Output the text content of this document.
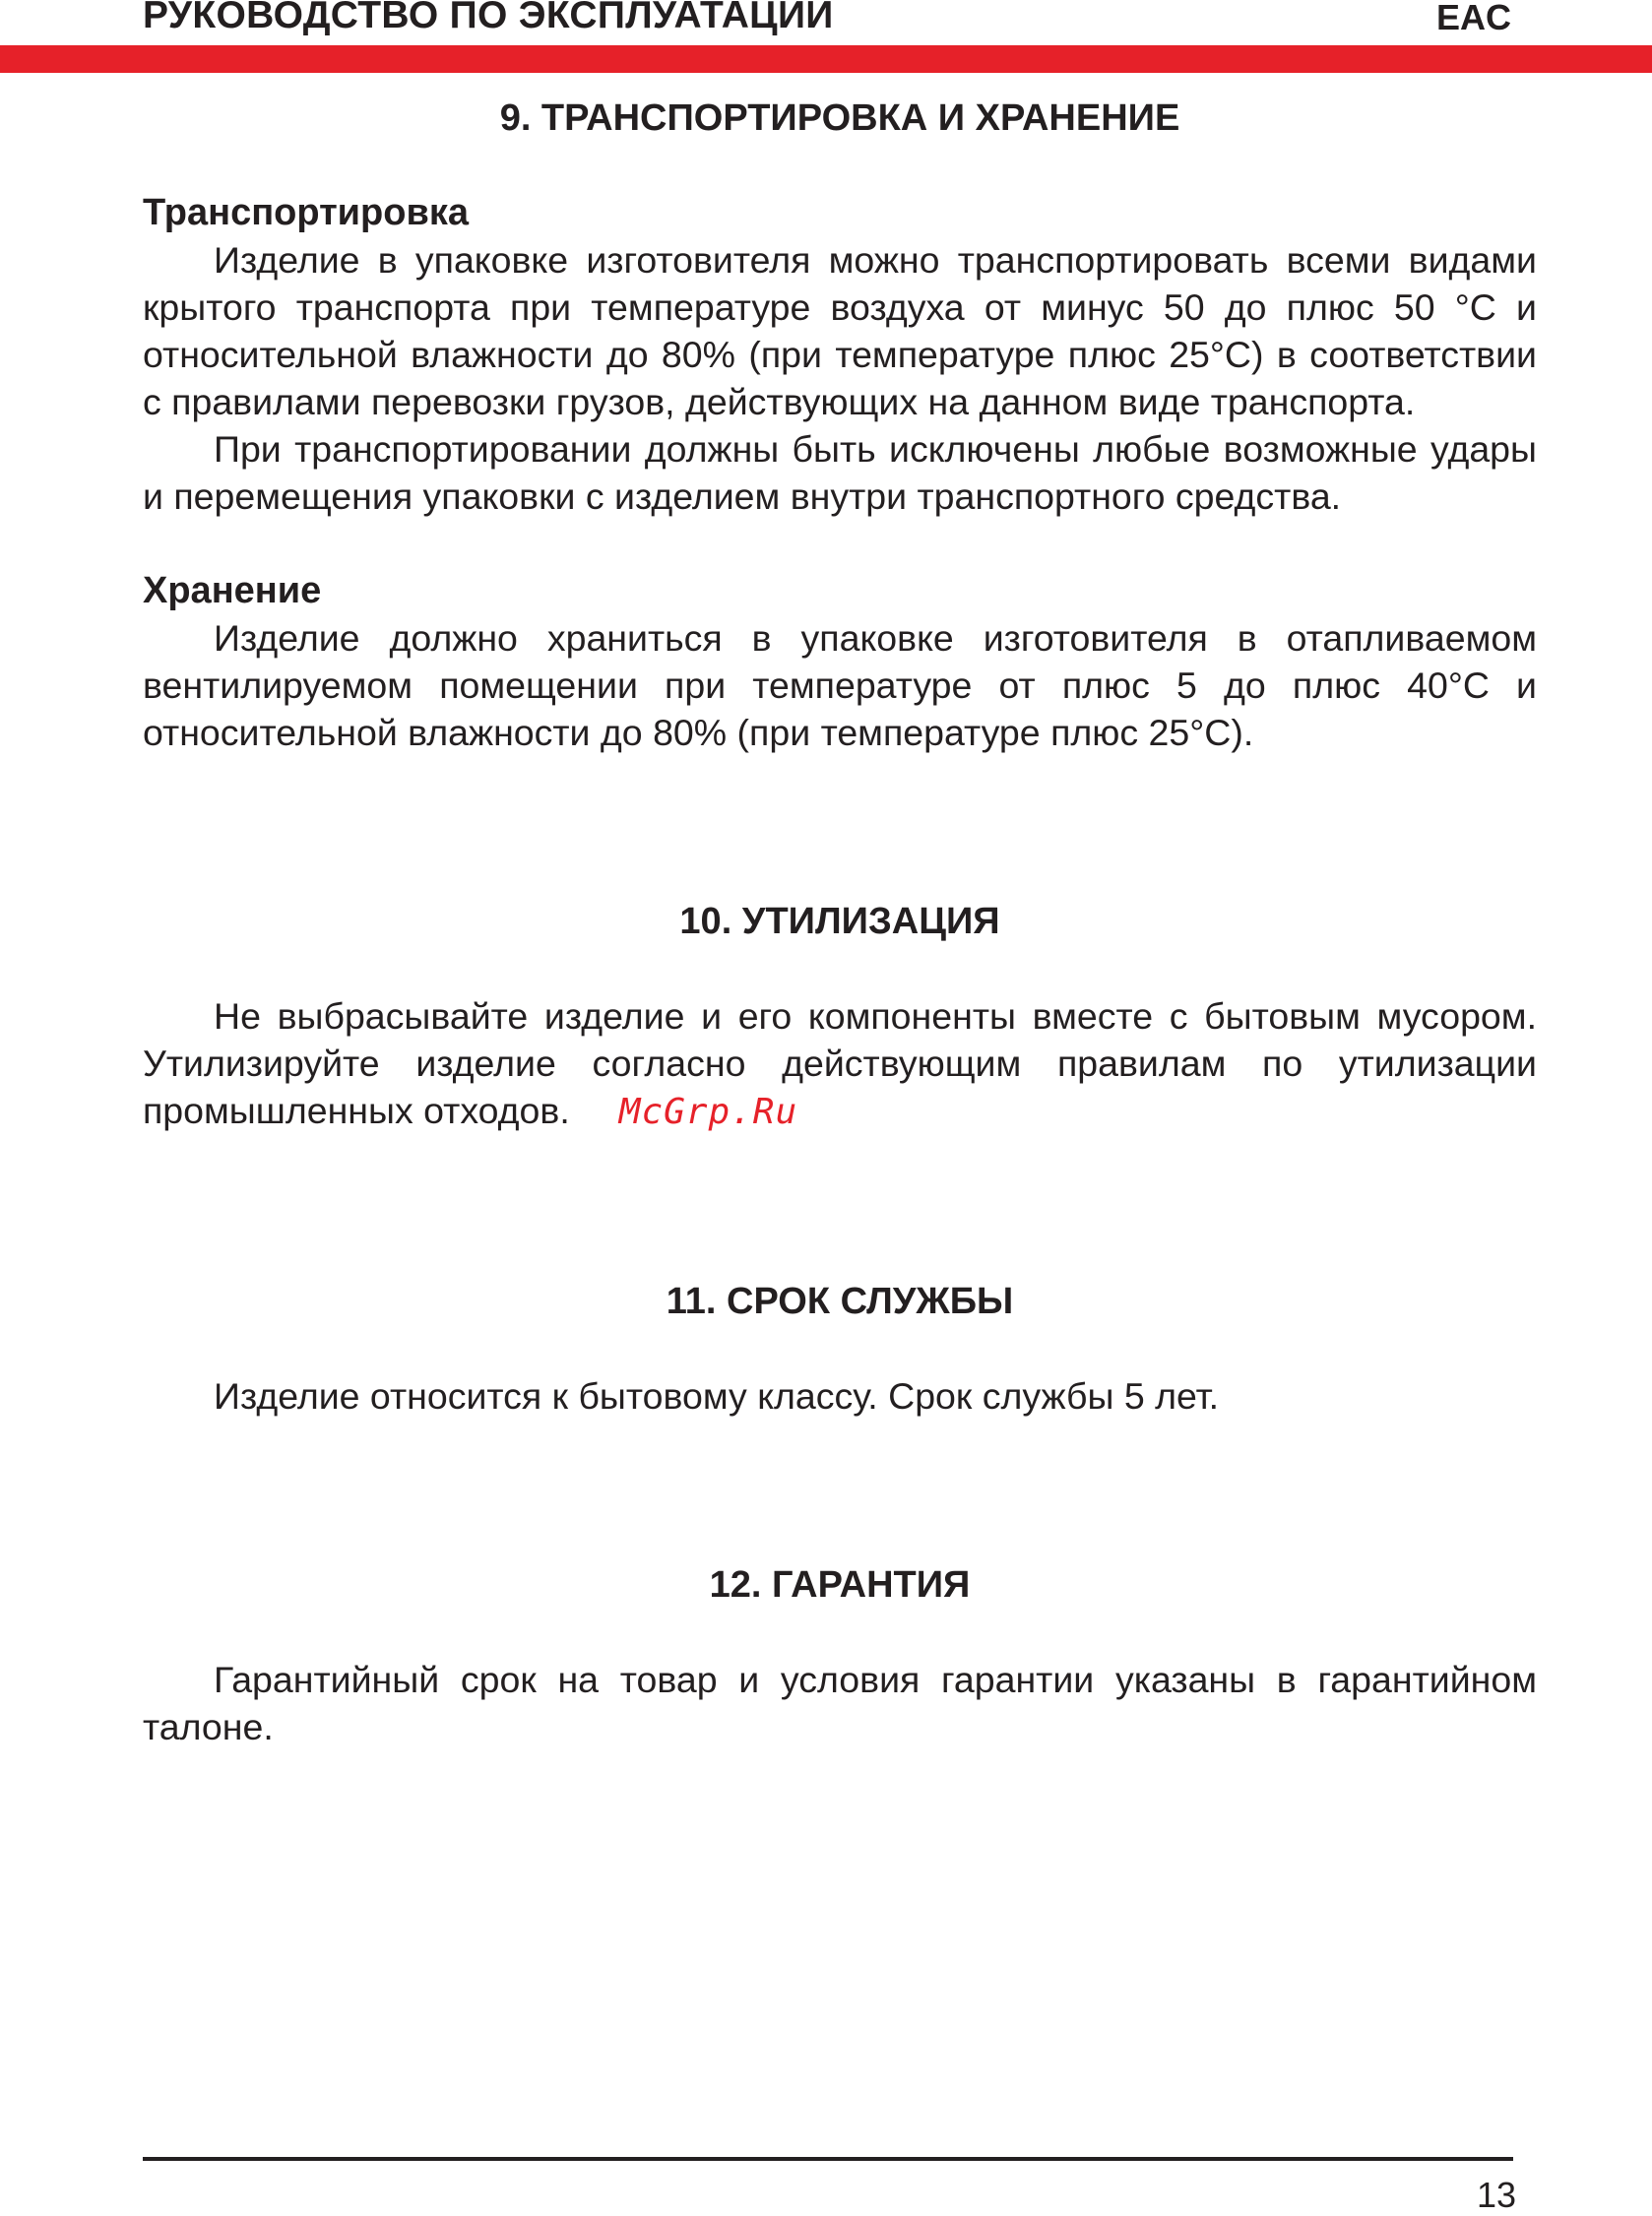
РУКОВОДСТВО ПО ЭКСПЛУАТАЦИИ	EAC
9. ТРАНСПОРТИРОВКА И ХРАНЕНИЕ
Транспортировка

Изделие в упаковке изготовителя можно транспортировать всеми видами крытого транспорта при температуре воздуха от минус 50 до плюс 50 °С и относительной влажности до 80% (при температуре плюс 25°С) в соответствии с правилами перевозки грузов, действующих на данном виде транспорта.

При транспортировании должны быть исключены любые возможные удары и перемещения упаковки с изделием внутри транспортного средства.

Хранение

Изделие должно храниться в упаковке изготовителя в отапливаемом вентилируемом помещении при температуре от плюс 5 до плюс 40°С и относительной влажности до 80% (при температуре плюс 25°С).

10. УТИЛИЗАЦИЯ

Не выбрасывайте изделие и его компоненты вместе с бытовым мусором. Утилизируйте изделие согласно действующим правилам по утилизации промышленных отходов. McGrp.Ru

11. СРОК СЛУЖБЫ

Изделие относится к бытовому классу. Срок службы 5 лет.

12. ГАРАНТИЯ

Гарантийный срок на товар и условия гарантии указаны в гарантийном талоне.

13
